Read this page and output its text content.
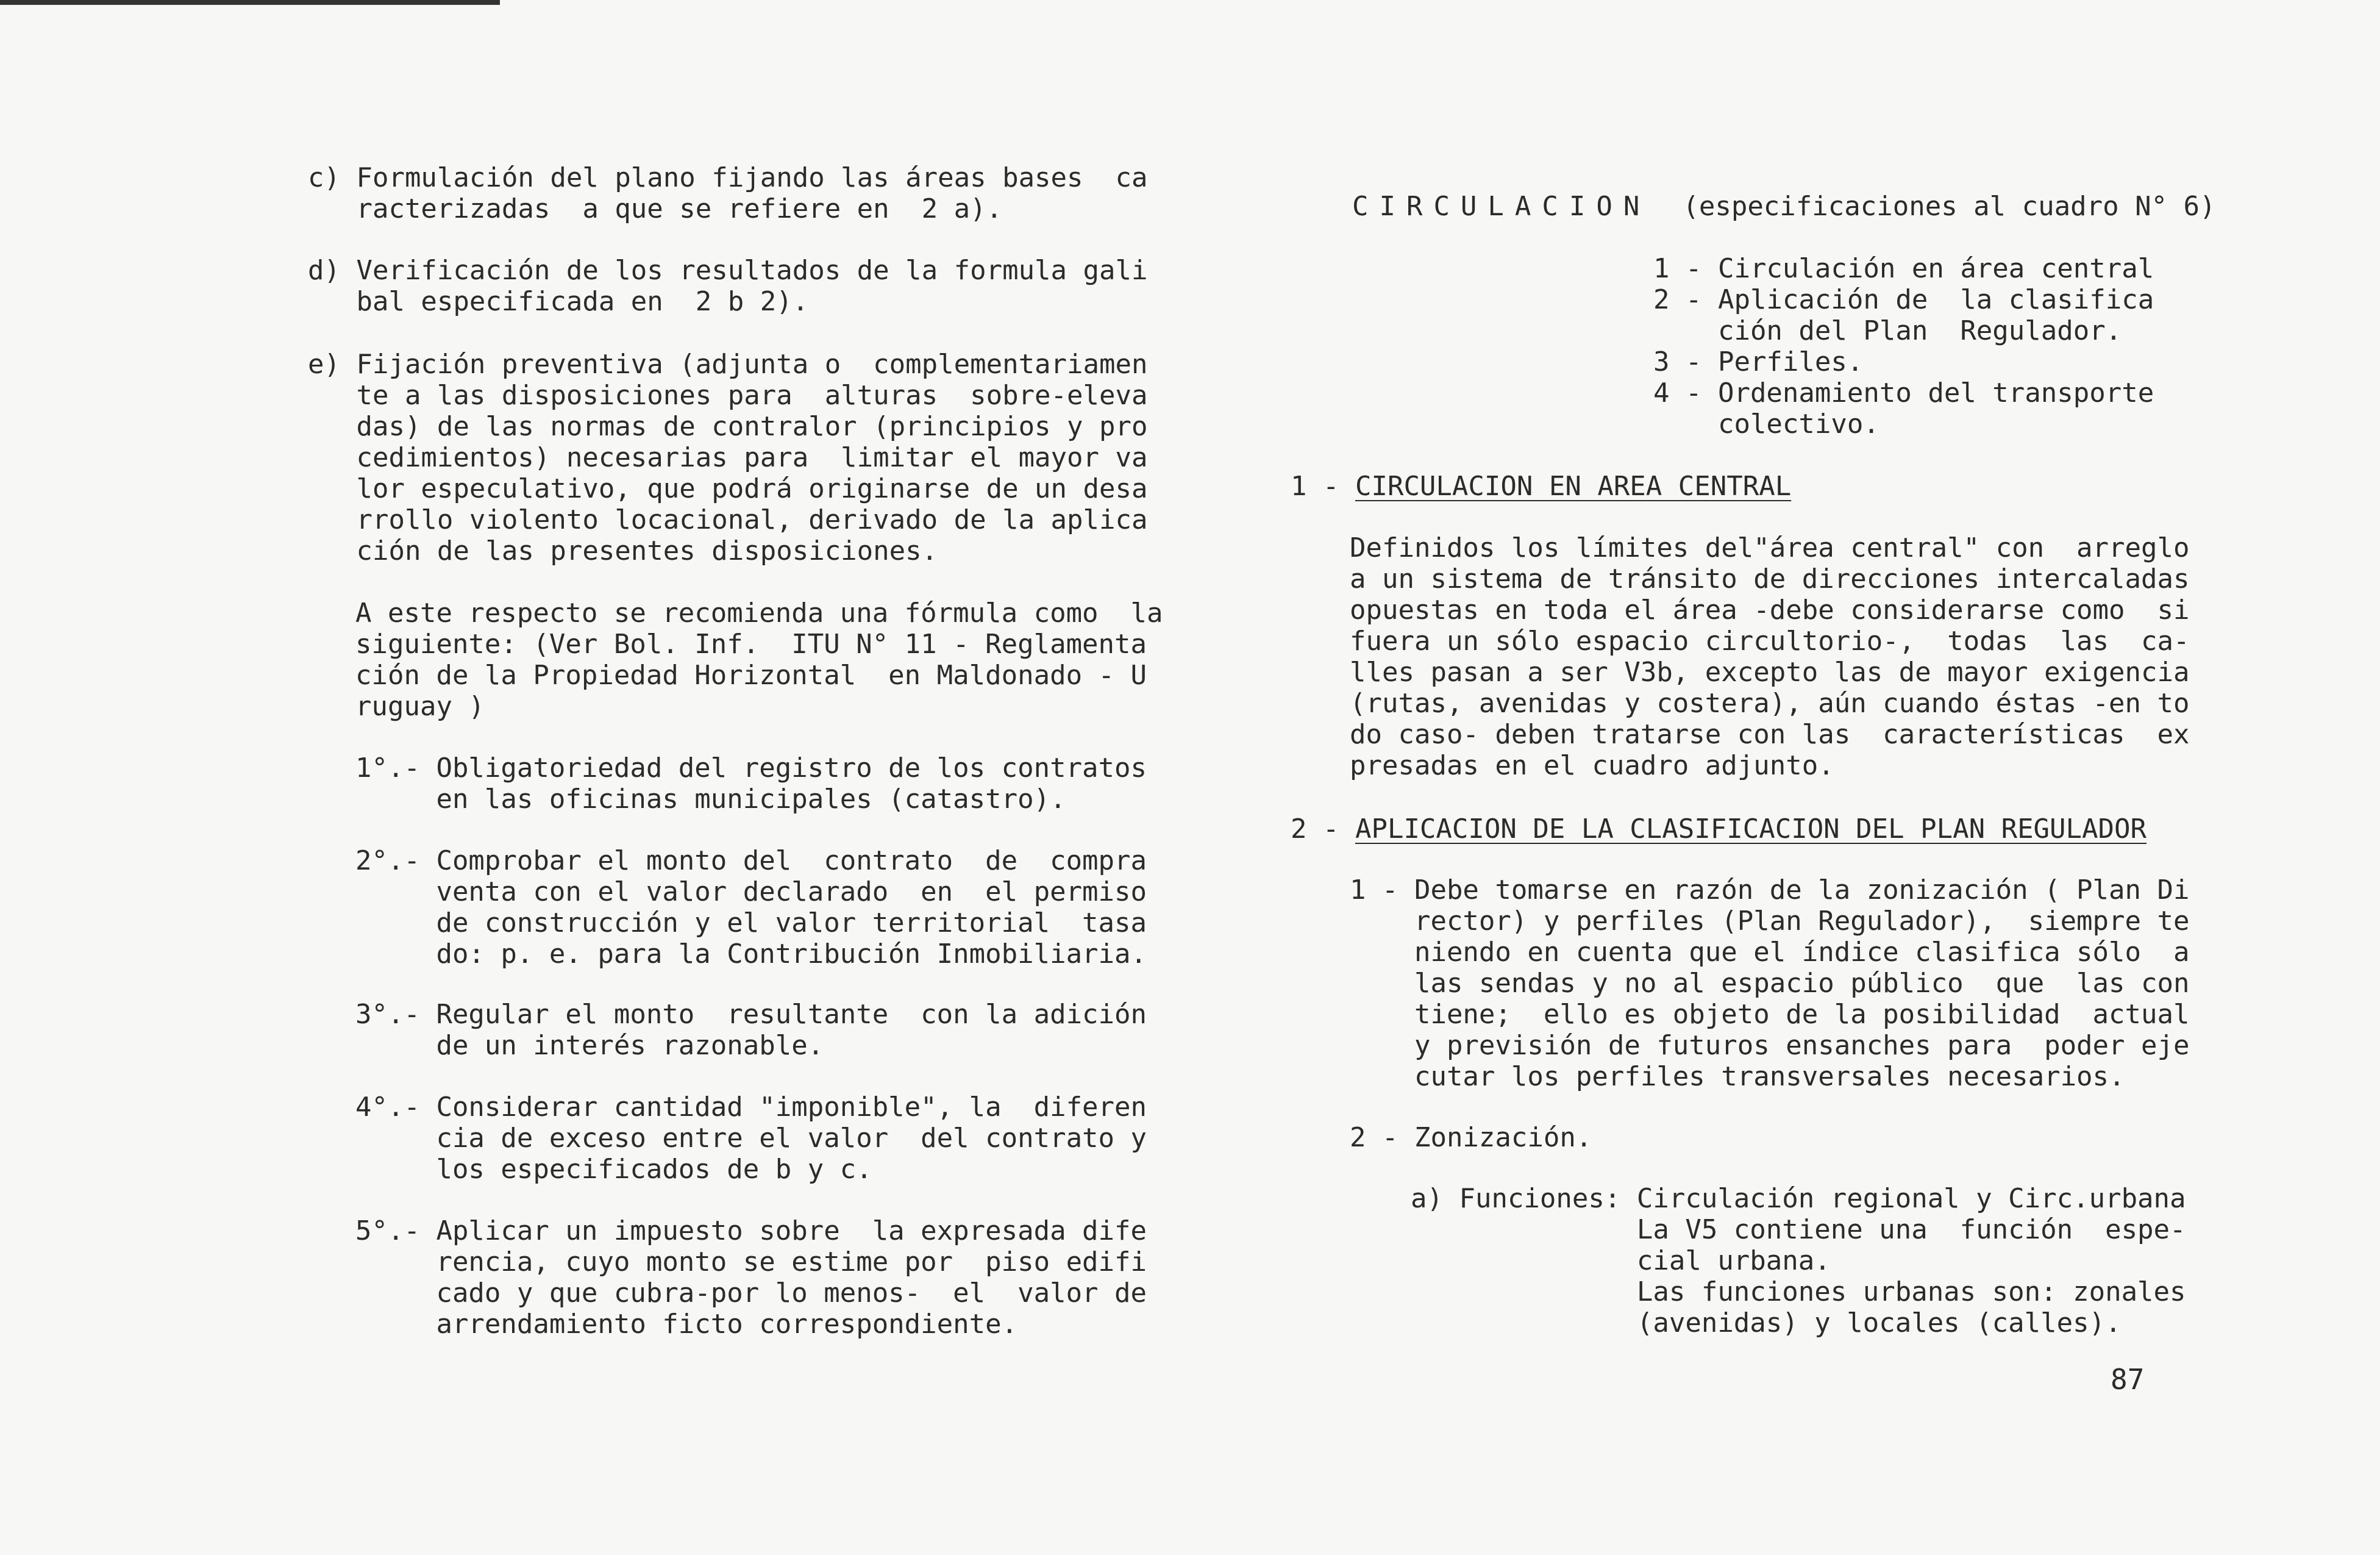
c) Formulación del plano fijando las áreas bases  ca
racterizadas  a que se refiere en  2 a).
d) Verificación de los resultados de la formula gali
bal especificada en  2 b 2).
e) Fijación preventiva (adjunta o  complementariamen
te a las disposiciones para  alturas  sobre-eleva
das) de las normas de contralor (principios y pro
cedimientos) necesarias para  limitar el mayor va
lor especulativo, que podrá originarse de un desa
rrollo violento locacional, derivado de la aplica
ción de las presentes disposiciones.
A este respecto se recomienda una fórmula como  la
siguiente: (Ver Bol. Inf.  ITU N° 11 - Reglamenta
ción de la Propiedad Horizontal  en Maldonado - U
ruguay )
1°.- Obligatoriedad del registro de los contratos
en las oficinas municipales (catastro).
2°.- Comprobar el monto del  contrato  de  compra
venta con el valor declarado  en  el permiso
de construcción y el valor territorial  tasa
do: p. e. para la Contribución Inmobiliaria.
3°.- Regular el monto  resultante  con la adición
de un interés razonable.
4°.- Considerar cantidad "imponible", la  diferen
cia de exceso entre el valor  del contrato y
los especificados de b y c.
5°.- Aplicar un impuesto sobre  la expresada dife
rencia, cuyo monto se estime por  piso edifi
cado y que cubra-por lo menos-  el  valor de
arrendamiento ficto correspondiente.

CIRCULACION (especificaciones al cuadro N° 6)

1 - Circulación en área central
2 - Aplicación de  la clasifica
ción del Plan  Regulador.
3 - Perfiles.
4 - Ordenamiento del transporte
colectivo.
1 - CIRCULACION EN AREA CENTRAL
Definidos los límites del"área central" con  arreglo
a un sistema de tránsito de direcciones intercaladas
opuestas en toda el área -debe considerarse como  si
fuera un sólo espacio circultorio-,  todas  las  ca-
lles pasan a ser V3b, excepto las de mayor exigencia
(rutas, avenidas y costera), aún cuando éstas -en to
do caso- deben tratarse con las  características  ex
presadas en el cuadro adjunto.
2 - APLICACION DE LA CLASIFICACION DEL PLAN REGULADOR
1 - Debe tomarse en razón de la zonización ( Plan Di
rector) y perfiles (Plan Regulador),  siempre te
niendo en cuenta que el índice clasifica sólo  a
las sendas y no al espacio público  que  las con
tiene;  ello es objeto de la posibilidad  actual
y previsión de futuros ensanches para  poder eje
cutar los perfiles transversales necesarios.
2 - Zonización.
a) Funciones: Circulación regional y Circ.urbana
La V5 contiene una  función  espe-
cial urbana.
Las funciones urbanas son: zonales
(avenidas) y locales (calles).
87
